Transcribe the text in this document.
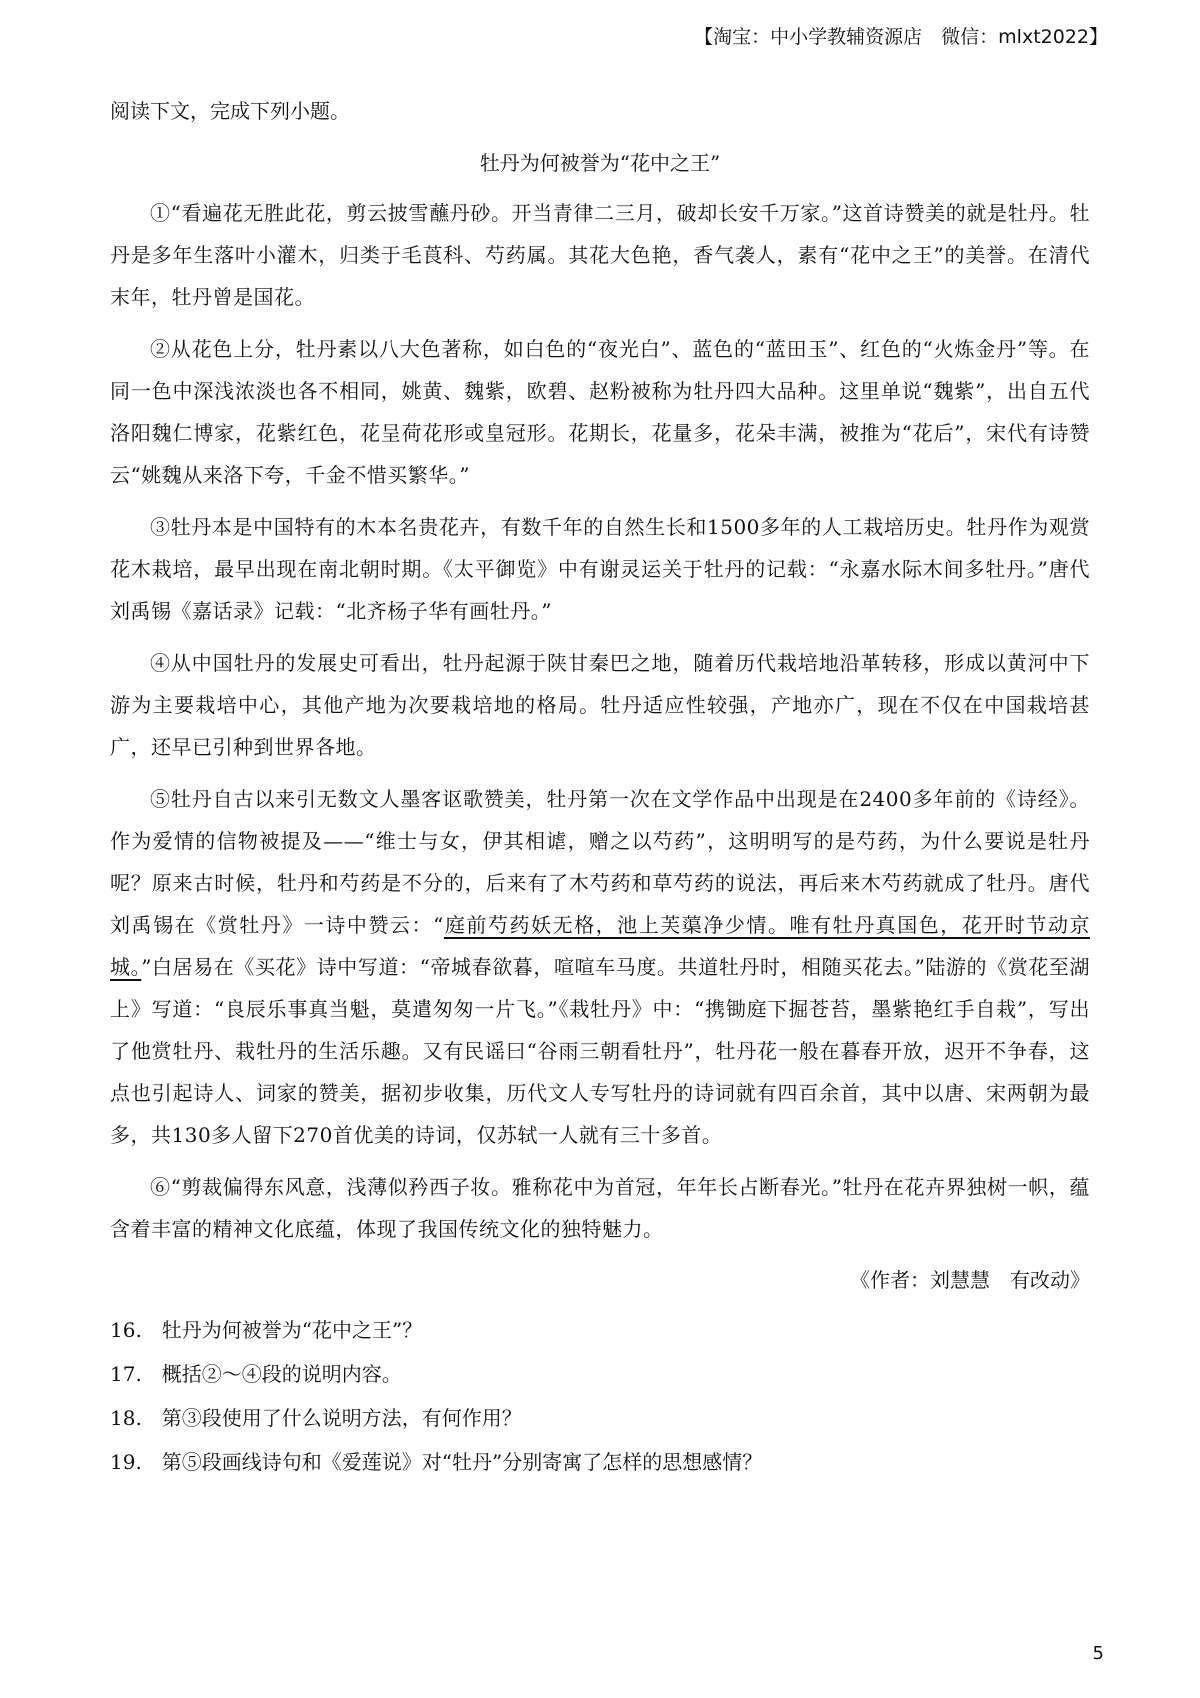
【淘宝：中小学教辅资源店　微信：mlxt2022】

阅读下文，完成下列小题。

牡丹为何被誉为“花中之王”

①“看遍花无胜此花，剪云披雪蘸丹砂。开当青律二三月，破却长安千万家。”这首诗赞美的就是牡丹。牡丹是多年生落叶小灌木，归类于毛莨科、芍药属。其花大色艳，香气袭人，素有“花中之王”的美誉。在清代末年，牡丹曾是国花。

②从花色上分，牡丹素以八大色著称，如白色的“夜光白”、蓝色的“蓝田玉”、红色的“火炼金丹”等。在同一色中深浅浓淡也各不相同，姚黄、魏紫，欧碧、赵粉被称为牡丹四大品种。这里单说“魏紫”，出自五代洛阳魏仁博家，花紫红色，花呈荷花形或皇冠形。花期长，花量多，花朵丰满，被推为“花后”，宋代有诗赞云“姚魏从来洛下夸，千金不惜买繁华。”

③牡丹本是中国特有的木本名贵花卉，有数千年的自然生长和1500多年的人工栽培历史。牡丹作为观赏花木栽培，最早出现在南北朝时期。《太平御览》中有谢灵运关于牡丹的记载：“永嘉水际木间多牡丹。”唐代刘禹锡《嘉话录》记载：“北齐杨子华有画牡丹。”

④从中国牡丹的发展史可看出，牡丹起源于陕甘秦巴之地，随着历代栽培地沿革转移，形成以黄河中下游为主要栽培中心，其他产地为次要栽培地的格局。牡丹适应性较强，产地亦广，现在不仅在中国栽培甚广，还早已引种到世界各地。

⑤牡丹自古以来引无数文人墨客讴歌赞美，牡丹第一次在文学作品中出现是在2400多年前的《诗经》。作为爱情的信物被提及——“维士与女，伊其相谑，赠之以芍药”，这明明写的是芍药，为什么要说是牡丹呢？原来古时候，牡丹和芍药是不分的，后来有了木芍药和草芍药的说法，再后来木芍药就成了牡丹。唐代刘禹锡在《赏牡丹》一诗中赞云：“庭前芍药妖无格，池上芙蕖净少情。唯有牡丹真国色，花开时节动京城。”白居易在《买花》诗中写道：“帝城春欲暮，喧喧车马度。共道牡丹时，相随买花去。”陆游的《赏花至湖上》写道：“良辰乐事真当魁，莫遣匆匆一片飞。”《栽牡丹》中：“携锄庭下掘苍苔，墨紫艳红手自栽”，写出了他赏牡丹、栽牡丹的生活乐趣。又有民谣曰“谷雨三朝看牡丹”，牡丹花一般在暮春开放，迟开不争春，这点也引起诗人、词家的赞美，据初步收集，历代文人专写牡丹的诗词就有四百余首，其中以唐、宋两朝为最多，共130多人留下270首优美的诗词，仅苏轼一人就有三十多首。

⑥“剪裁偏得东风意，浅薄似矜西子妆。雅称花中为首冠，年年长占断春光。”牡丹在花卉界独树一帜，蕴含着丰富的精神文化底蕴，体现了我国传统文化的独特魅力。

《作者：刘慧慧　有改动》

16.　牡丹为何被誉为“花中之王”？

17.　概括②～④段的说明内容。

18.　第③段使用了什么说明方法，有何作用？

19.　第⑤段画线诗句和《爱莲说》对“牡丹”分别寄寓了怎样的思想感情？

5
